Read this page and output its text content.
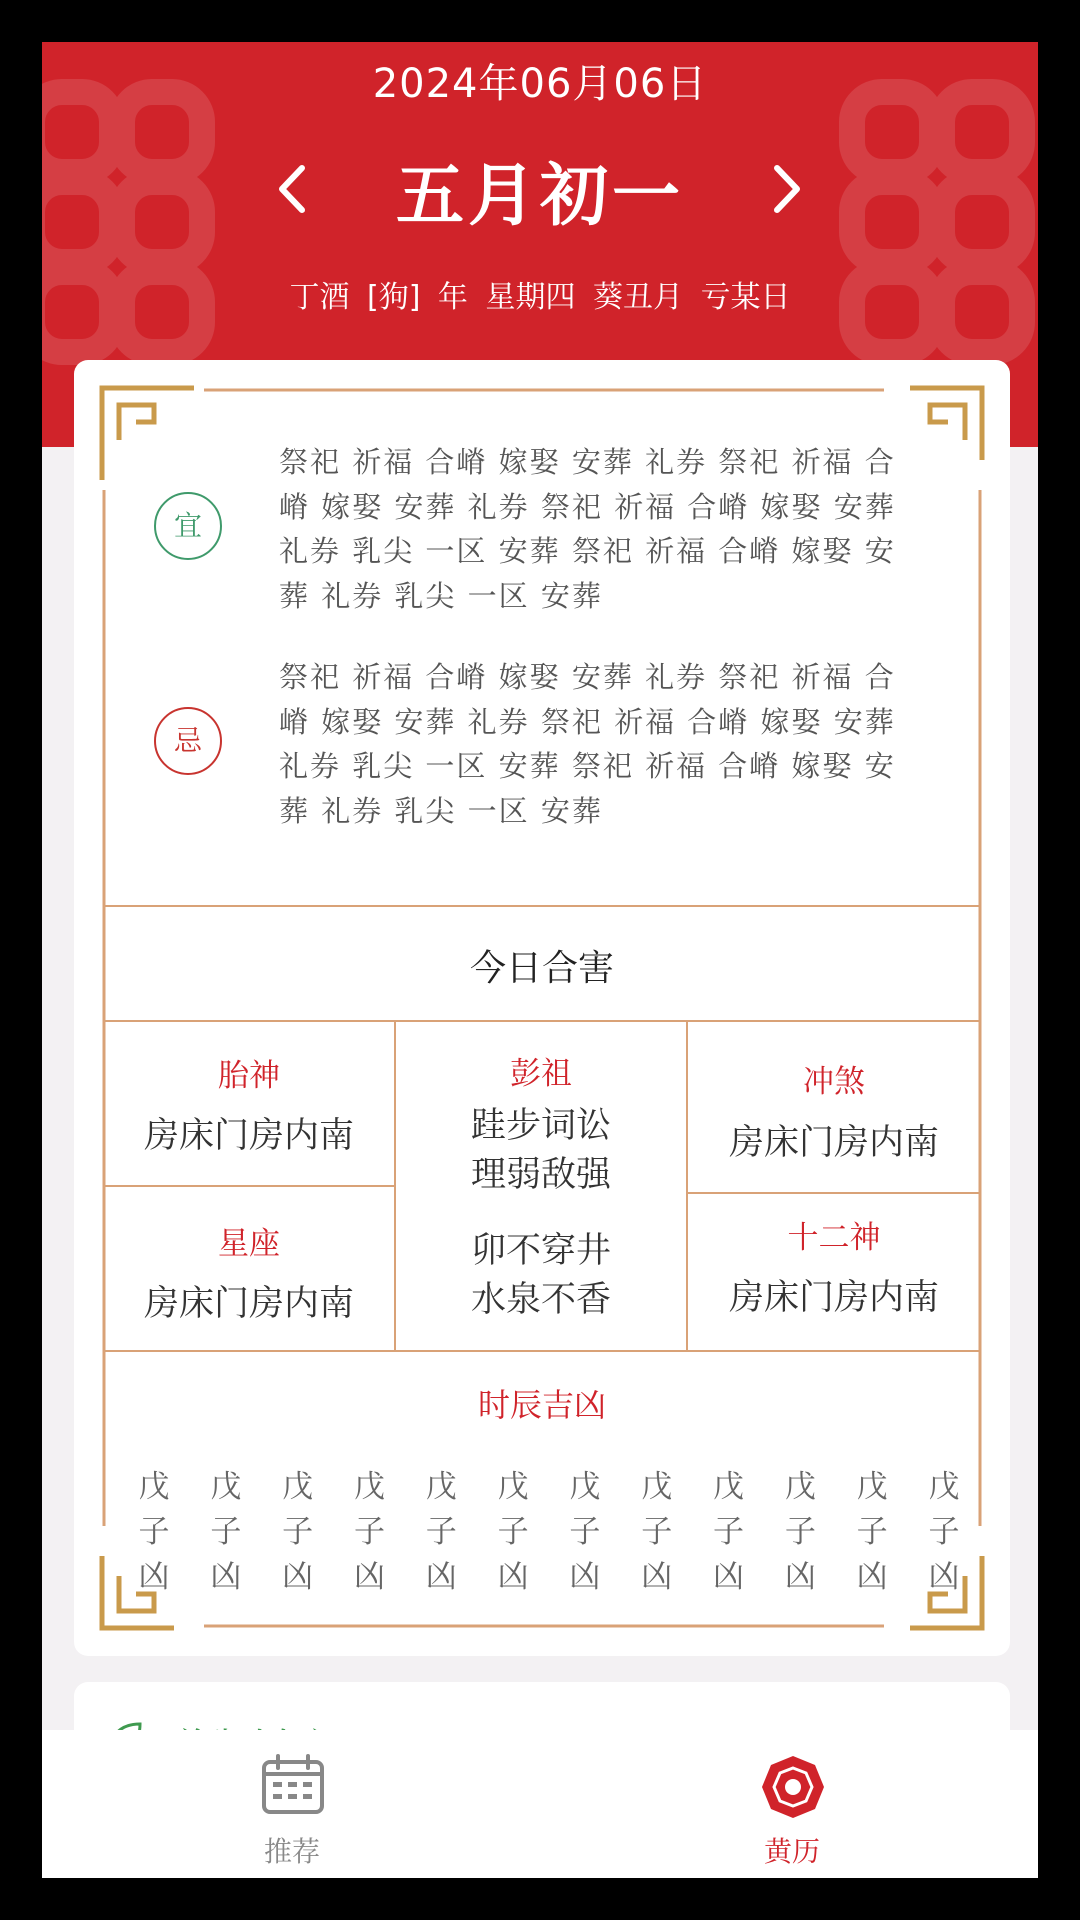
2024年06月06日
五月初一
丁酒 [狗] 年 星期四 葵丑月 亏某日
宜
祭祀 祈福 合嵴 嫁娶 安葬 礼券 祭祀 祈福 合嵴 嫁娶 安葬 礼券 祭祀 祈福 合嵴 嫁娶 安葬 礼券 乳尖 一区 安葬 祭祀 祈福 合嵴 嫁娶 安葬 礼券 乳尖 一区 安葬
忌
祭祀 祈福 合嵴 嫁娶 安葬 礼券 祭祀 祈福 合嵴 嫁娶 安葬 礼券 祭祀 祈福 合嵴 嫁娶 安葬 礼券 乳尖 一区 安葬 祭祀 祈福 合嵴 嫁娶 安葬 礼券 乳尖 一区 安葬
今日合害
胎神
房床门房内南
星座
房床门房内南
彭祖
跬步词讼
理弱敌强
卯不穿井
水泉不香
冲煞
房床门房内南
十二神
房床门房内南
时辰吉凶
戊
子
凶
戊
子
凶
戊
子
凶
戊
子
凶
戊
子
凶
戊
子
凶
戊
子
凶
戊
子
凶
戊
子
凶
戊
子
凶
戊
子
凶
戊
子
凶
推荐	黄历
